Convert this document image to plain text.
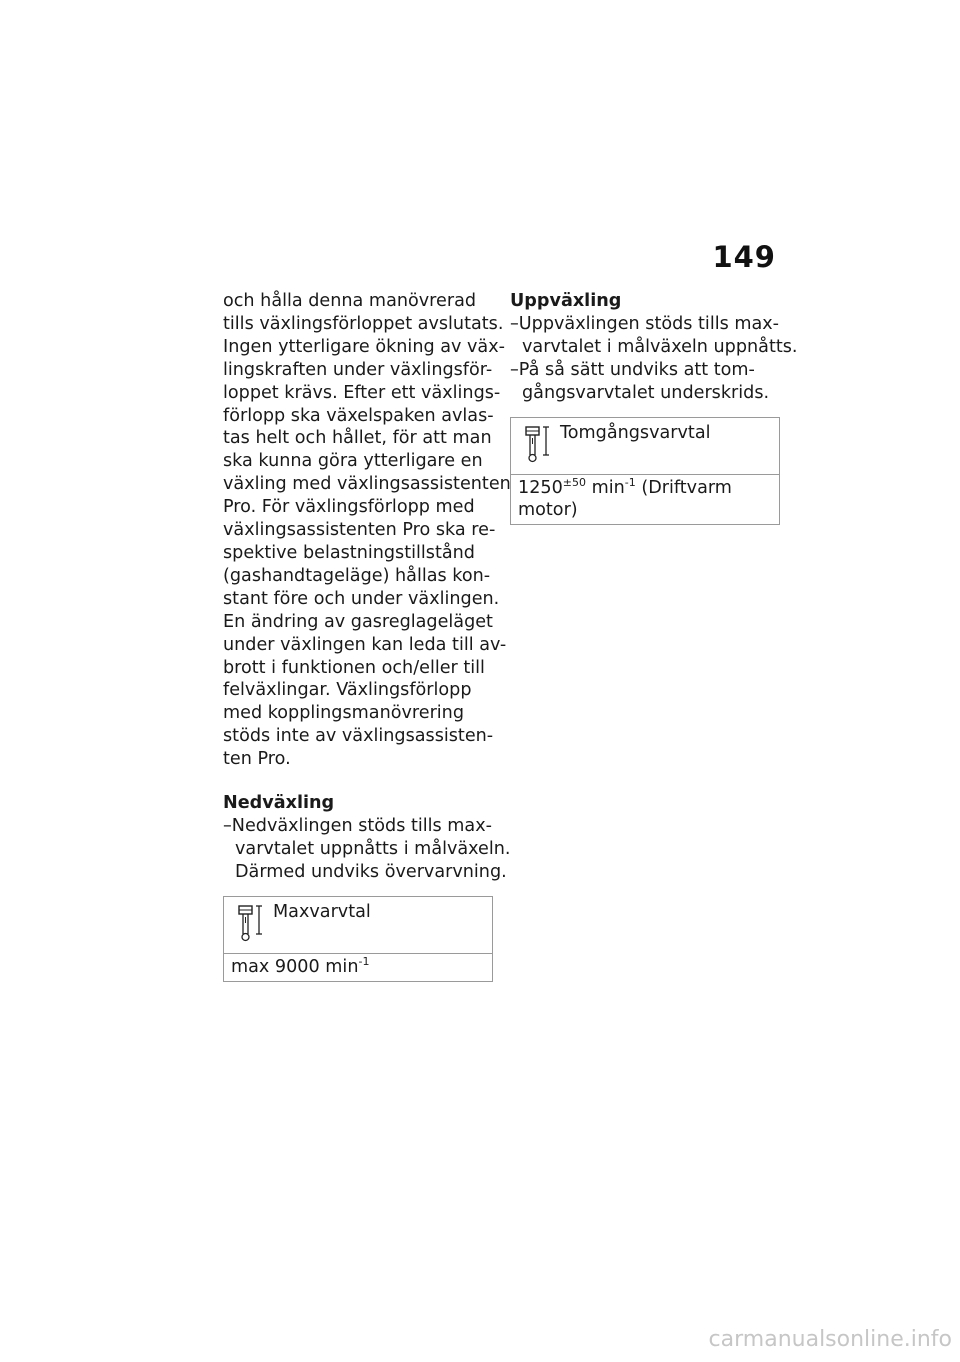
149
och hålla denna manövrerad
tills växlingsförloppet avslutats.
Ingen ytterligare ökning av väx-
lingskraften under växlingsför-
loppet krävs. Efter ett växlings-
förlopp ska växelspaken avlas-
tas helt och hållet, för att man
ska kunna göra ytterligare en
växling med växlingsassistenten
Pro. För växlingsförlopp med
växlingsassistenten Pro ska re-
spektive belastningstillstånd
(gashandtageläge) hållas kon-
stant före och under växlingen.
En ändring av gasreglageläget
under växlingen kan leda till av-
brott i funktionen och/eller till
felväxlingar. Växlingsförlopp
med kopplingsmanövrering
stöds inte av växlingsassisten-
ten Pro.
Nedväxling
–Nedväxlingen stöds tills max-
varvtalet uppnåtts i målväxeln.
Därmed undviks övervarvning.
Maxvarvtal
max 9000 $\min^{-1}$
Uppväxling
–Uppväxlingen stöds tills max-
varvtalet i målväxeln uppnåtts.
–På så sätt undviks att tom-
gångsvarvtalet underskrids.
Tomgångsvarvtal
$1250^{\pm 50}$ $\min^{-1}$ (Driftvarm
motor)
carmanualsonline.info
